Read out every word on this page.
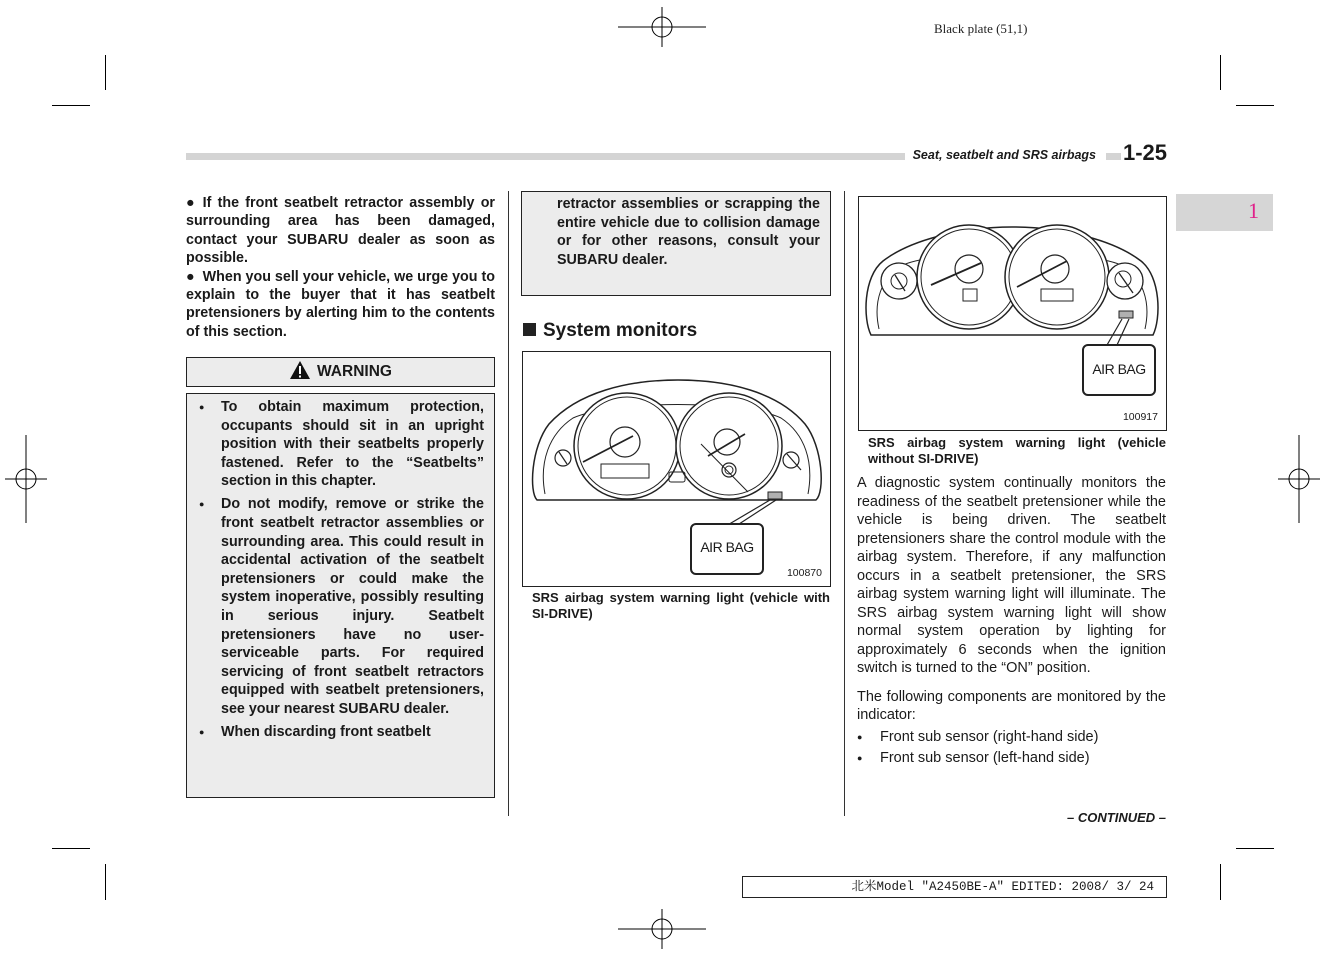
Black plate (51,1)
Seat, seatbelt and SRS airbags	1-25
1

● If the front seatbelt retractor assembly or surrounding area has been damaged, contact your SUBARU dealer as soon as possible.

● When you sell your vehicle, we urge you to explain to the buyer that it has seatbelt pretensioners by alerting him to the contents of this section.

WARNING
● To obtain maximum protection, occupants should sit in an upright position with their seatbelts properly fastened. Refer to the “Seatbelts” section in this chapter.
● Do not modify, remove or strike the front seatbelt retractor assemblies or surrounding area. This could result in accidental activation of the seatbelt pretensioners or could make the system inoperative, possibly resulting in serious injury. Seatbelt pretensioners have no user-serviceable parts. For required servicing of front seatbelt retractors equipped with seatbelt pretensioners, see your nearest SUBARU dealer.
● When discarding front seatbelt

retractor assemblies or scrapping the entire vehicle due to collision damage or for other reasons, consult your SUBARU dealer.

System monitors
AIR BAG
100870
SRS airbag system warning light (vehicle with SI-DRIVE)
AIR BAG
100917
SRS airbag system warning light (vehicle without SI-DRIVE)

A diagnostic system continually monitors the readiness of the seatbelt pretensioner while the vehicle is being driven. The seatbelt pretensioners share the control module with the airbag system. Therefore, if any malfunction occurs in a seatbelt pretensioner, the SRS airbag system warning light will illuminate. The SRS airbag system warning light will show normal system operation by lighting for approximately 6 seconds when the ignition switch is turned to the “ON” position.

The following components are monitored by the indicator:

● Front sub sensor (right-hand side)
● Front sub sensor (left-hand side)
– CONTINUED –
北米Model "A2450BE-A" EDITED: 2008/ 3/ 24
